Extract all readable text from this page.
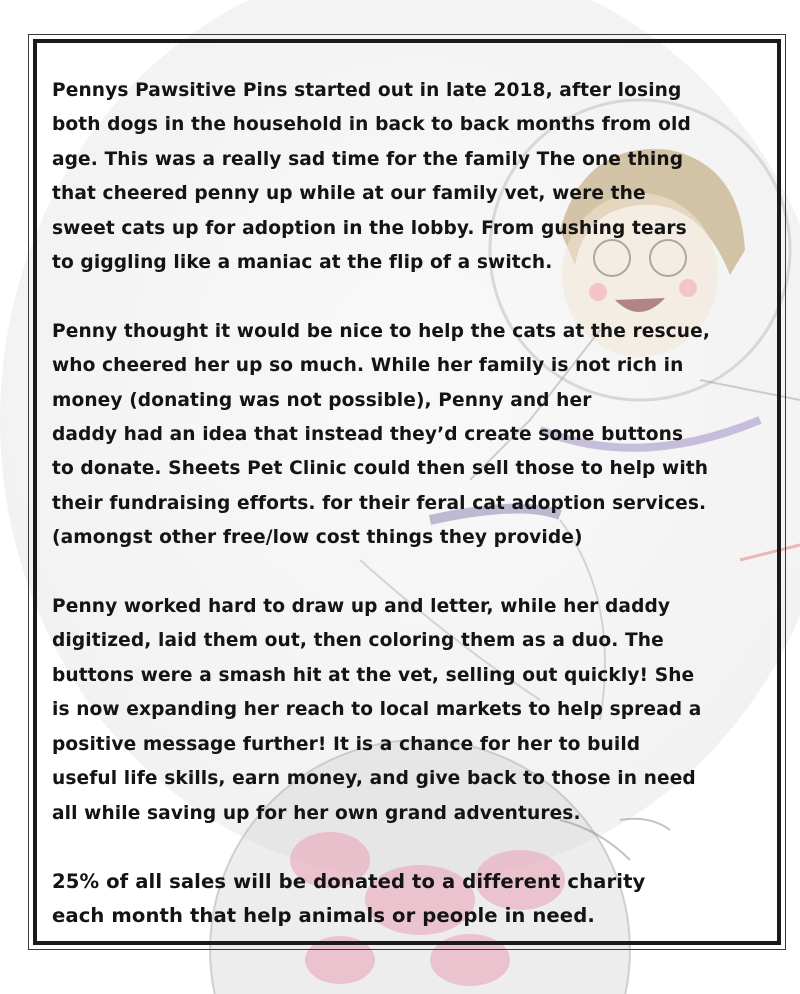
Pennys Pawsitive Pins started out in late 2018, after losing
both dogs in the household in back to back months from old
age. This was a really sad time for the family The one thing
that cheered penny up while at our family vet, were the
sweet cats up for adoption in the lobby. From gushing tears
to giggling like a maniac at the flip of a switch.
Penny thought it would be nice to help the cats at the rescue,
who cheered her up so much. While her family is not rich in
money (donating was not possible), Penny and her
daddy had an idea that instead they’d create some buttons
to donate. Sheets Pet Clinic could then sell those to help with
their fundraising efforts. for their feral cat adoption services.
(amongst other free/low cost things they provide)
Penny worked hard to draw up and letter, while her daddy
digitized, laid them out, then coloring them as a duo. The
buttons were a smash hit at the vet, selling out quickly! She
is now expanding her reach to local markets to help spread a
positive message further! It is a chance for her to build
useful life skills, earn money, and give back to those in need
all while saving up for her own grand adventures.
25% of all sales will be donated to a different charity
each month that help animals or people in need.
